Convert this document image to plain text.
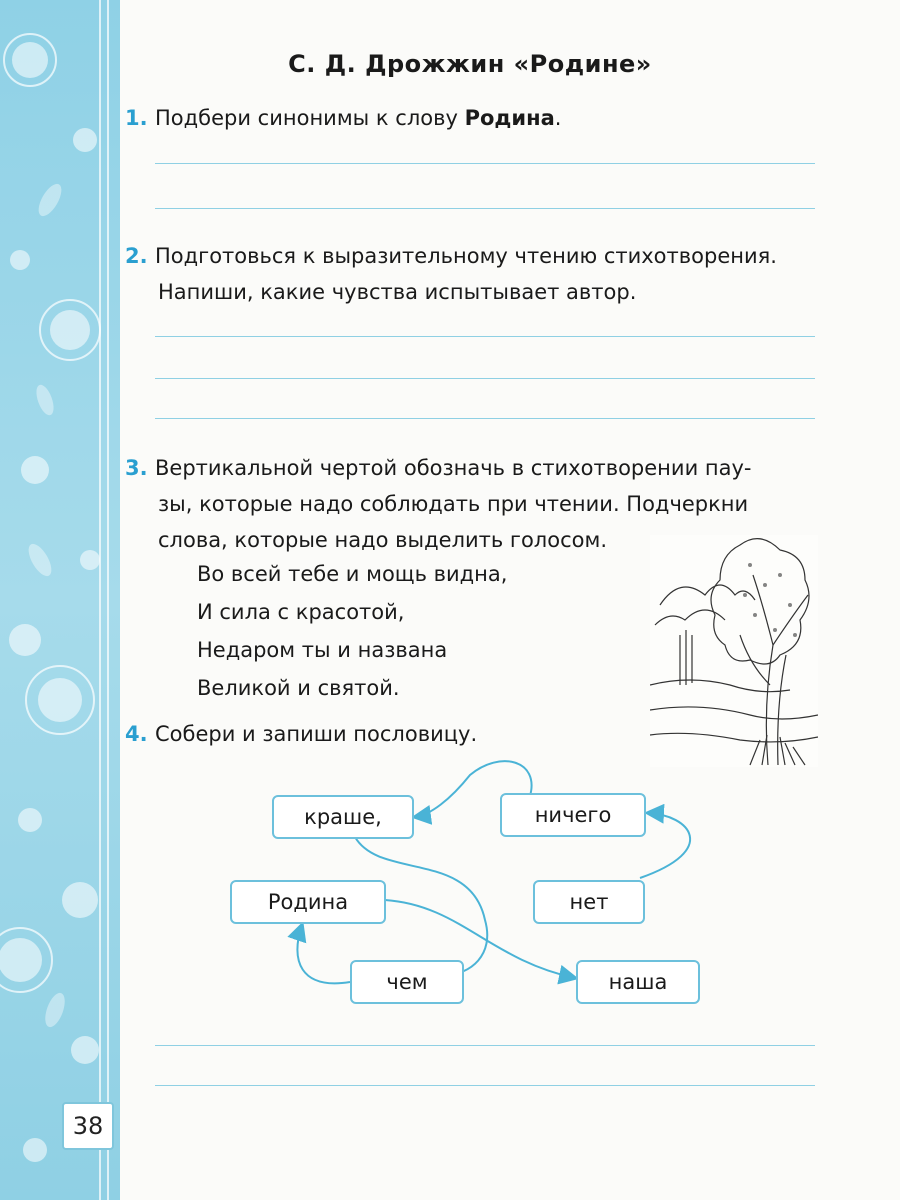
38
С. Д. Дрожжин «Родине»
1. Подбери синонимы к слову Родина.
2. Подготовься к выразительному чтению стихотворения.
Напиши, какие чувства испытывает автор.
3. Вертикальной чертой обозначь в стихотворении пау-
зы, которые надо соблюдать при чтении. Подчеркни
слова, которые надо выделить голосом.
Во всей тебе и мощь видна,
И сила с красотой,
Недаром ты и названа
Великой и святой.
4. Собери и запиши пословицу.
краше,	ничего
Родина	нет
чем	наша
